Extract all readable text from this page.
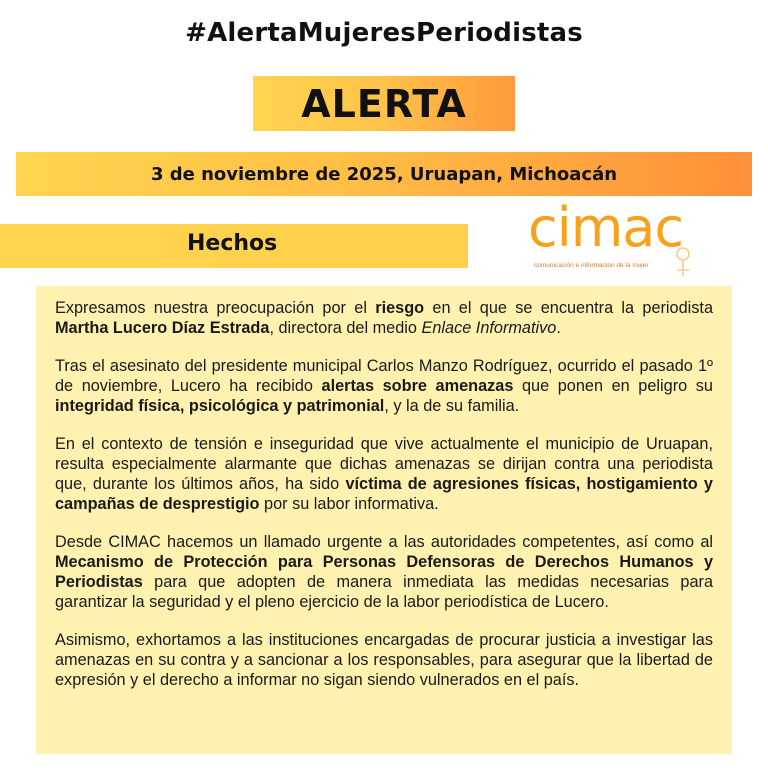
#AlertaMujeresPeriodistas
ALERTA
3 de noviembre de 2025, Uruapan, Michoacán
Hechos	cimac
comunicación e información de la mujer

Expresamos nuestra preocupación por el riesgo en el que se encuentra la periodista Martha Lucero Díaz Estrada, directora del medio Enlace Informativo.

Tras el asesinato del presidente municipal Carlos Manzo Rodríguez, ocurrido el pasado 1º de noviembre, Lucero ha recibido alertas sobre amenazas que ponen en peligro su integridad física, psicológica y patrimonial, y la de su familia.

En el contexto de tensión e inseguridad que vive actualmente el municipio de Uruapan, resulta especialmente alarmante que dichas amenazas se dirijan contra una periodista que, durante los últimos años, ha sido víctima de agresiones físicas, hostigamiento y campañas de desprestigio por su labor informativa.

Desde CIMAC hacemos un llamado urgente a las autoridades competentes, así como al Mecanismo de Protección para Personas Defensoras de Derechos Humanos y Periodistas para que adopten de manera inmediata las medidas necesarias para garantizar la seguridad y el pleno ejercicio de la labor periodística de Lucero.

Asimismo, exhortamos a las instituciones encargadas de procurar justicia a investigar las amenazas en su contra y a sancionar a los responsables, para asegurar que la libertad de expresión y el derecho a informar no sigan siendo vulnerados en el país.
